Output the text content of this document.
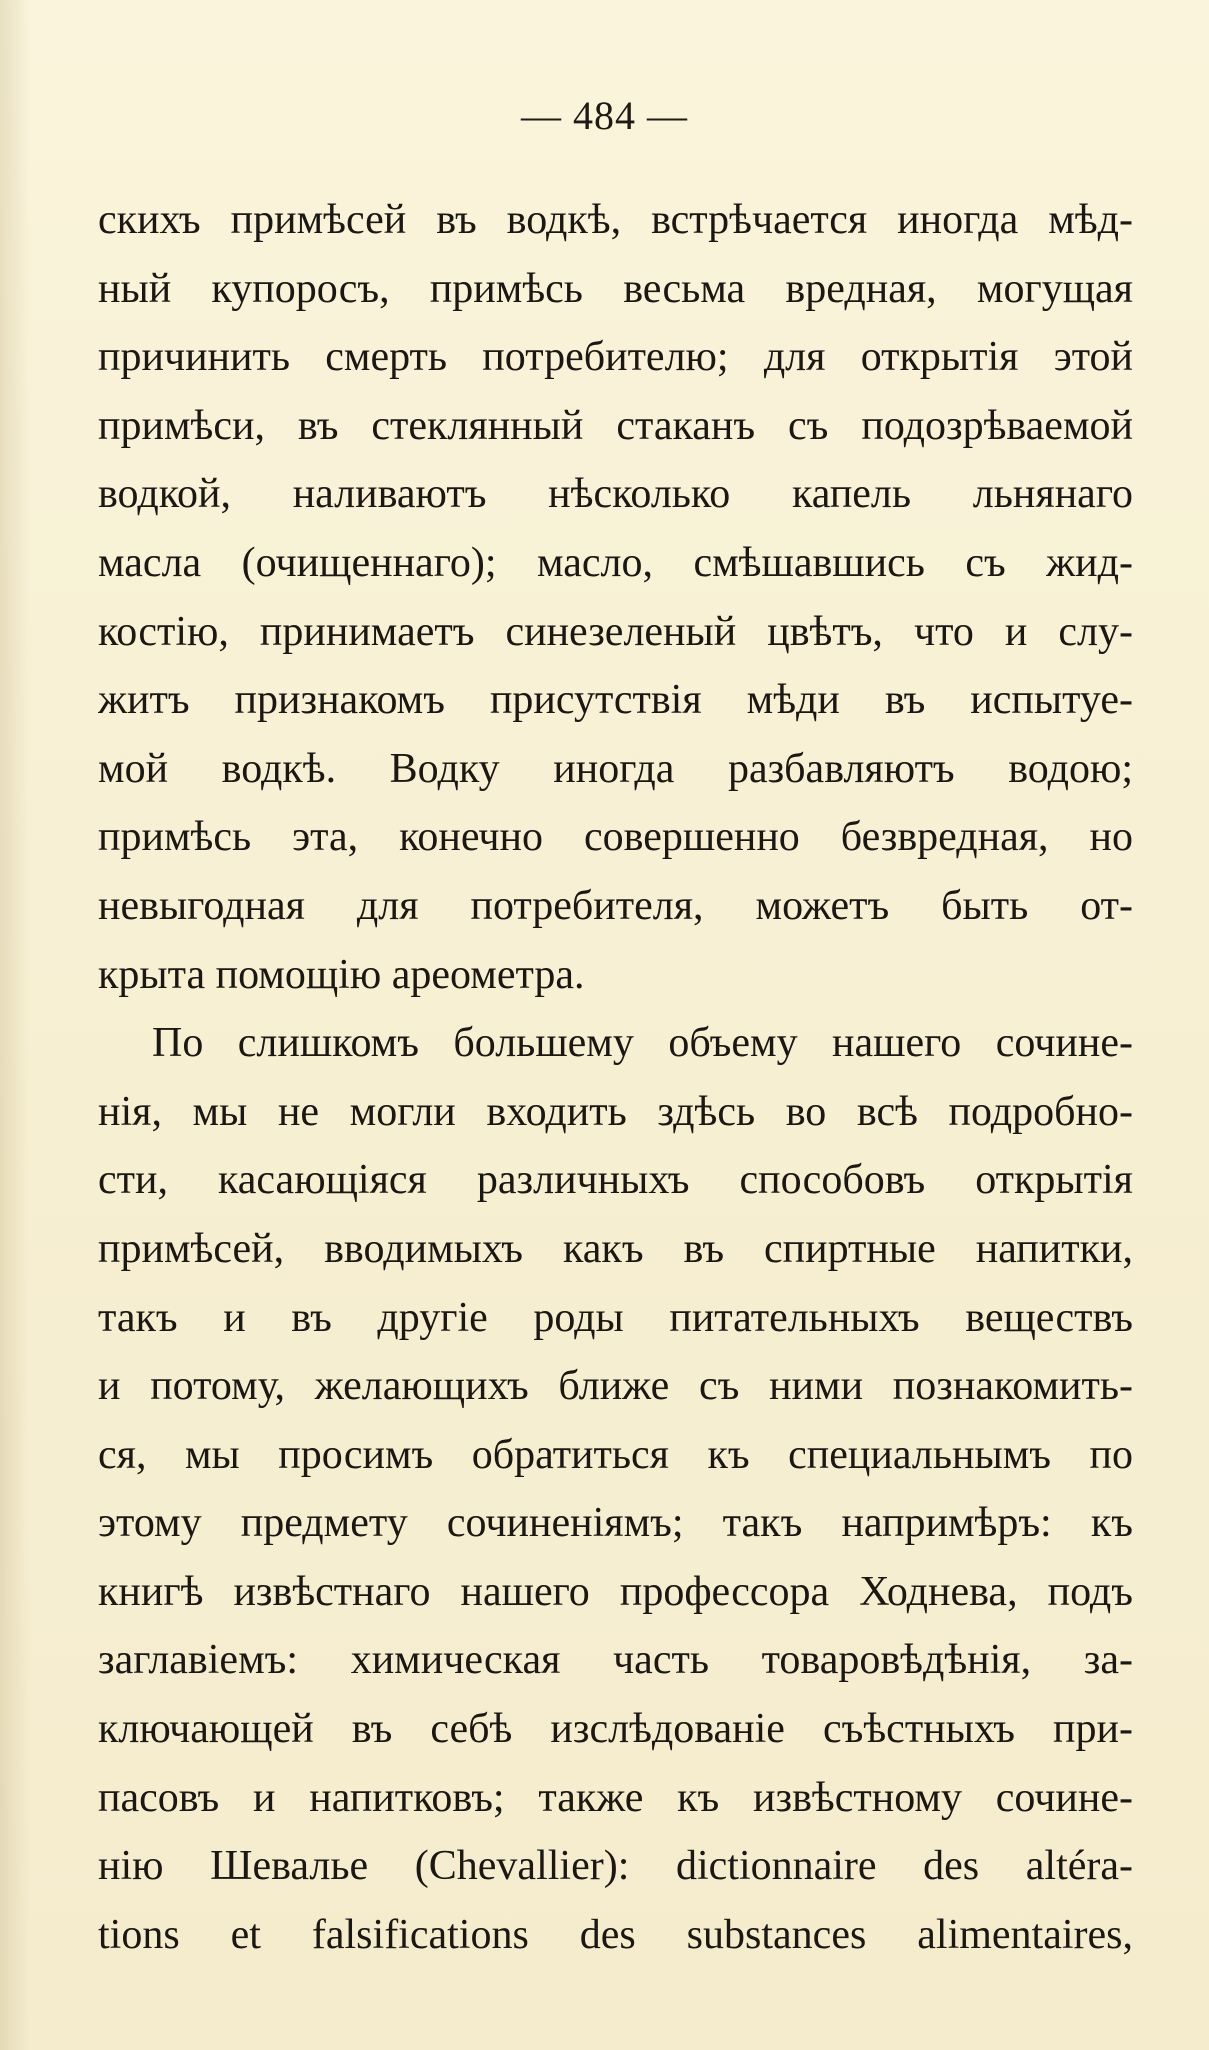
— 484 —
скихъ примѣсей въ водкѣ, встрѣчается иногда мѣд-
ный купоросъ, примѣсь весьма вредная, могущая
причинить смерть потребителю; для открытія этой
примѣси, въ стеклянный стаканъ съ подозрѣваемой
водкой, наливаютъ нѣсколько капель льнянаго
масла (очищеннаго); масло, смѣшавшись съ жид-
костію, принимаетъ синезеленый цвѣтъ, что и слу-
житъ признакомъ присутствія мѣди въ испытуе-
мой водкѣ. Водку иногда разбавляютъ водою;
примѣсь эта, конечно совершенно безвредная, но
невыгодная для потребителя, можетъ быть от-
крыта помощію ареометра.
По слишкомъ большему объему нашего сочине-
нія, мы не могли входить здѣсь во всѣ подробно-
сти, касающіяся различныхъ способовъ открытія
примѣсей, вводимыхъ какъ въ спиртные напитки,
такъ и въ другіе роды питательныхъ веществъ
и потому, желающихъ ближе съ ними познакомить-
ся, мы просимъ обратиться къ специальнымъ по
этому предмету сочиненіямъ; такъ напримѣръ: къ
книгѣ извѣстнаго нашего профессора Ходнева, подъ
заглавіемъ: химическая часть товаровѣдѣнія, за-
ключающей въ себѣ изслѣдованіе съѣстныхъ при-
пасовъ и напитковъ; также къ извѣстному сочине-
нію Шевалье (Chevallier): dictionnaire des altéra-
tions et falsifications des substances alimentaires,
